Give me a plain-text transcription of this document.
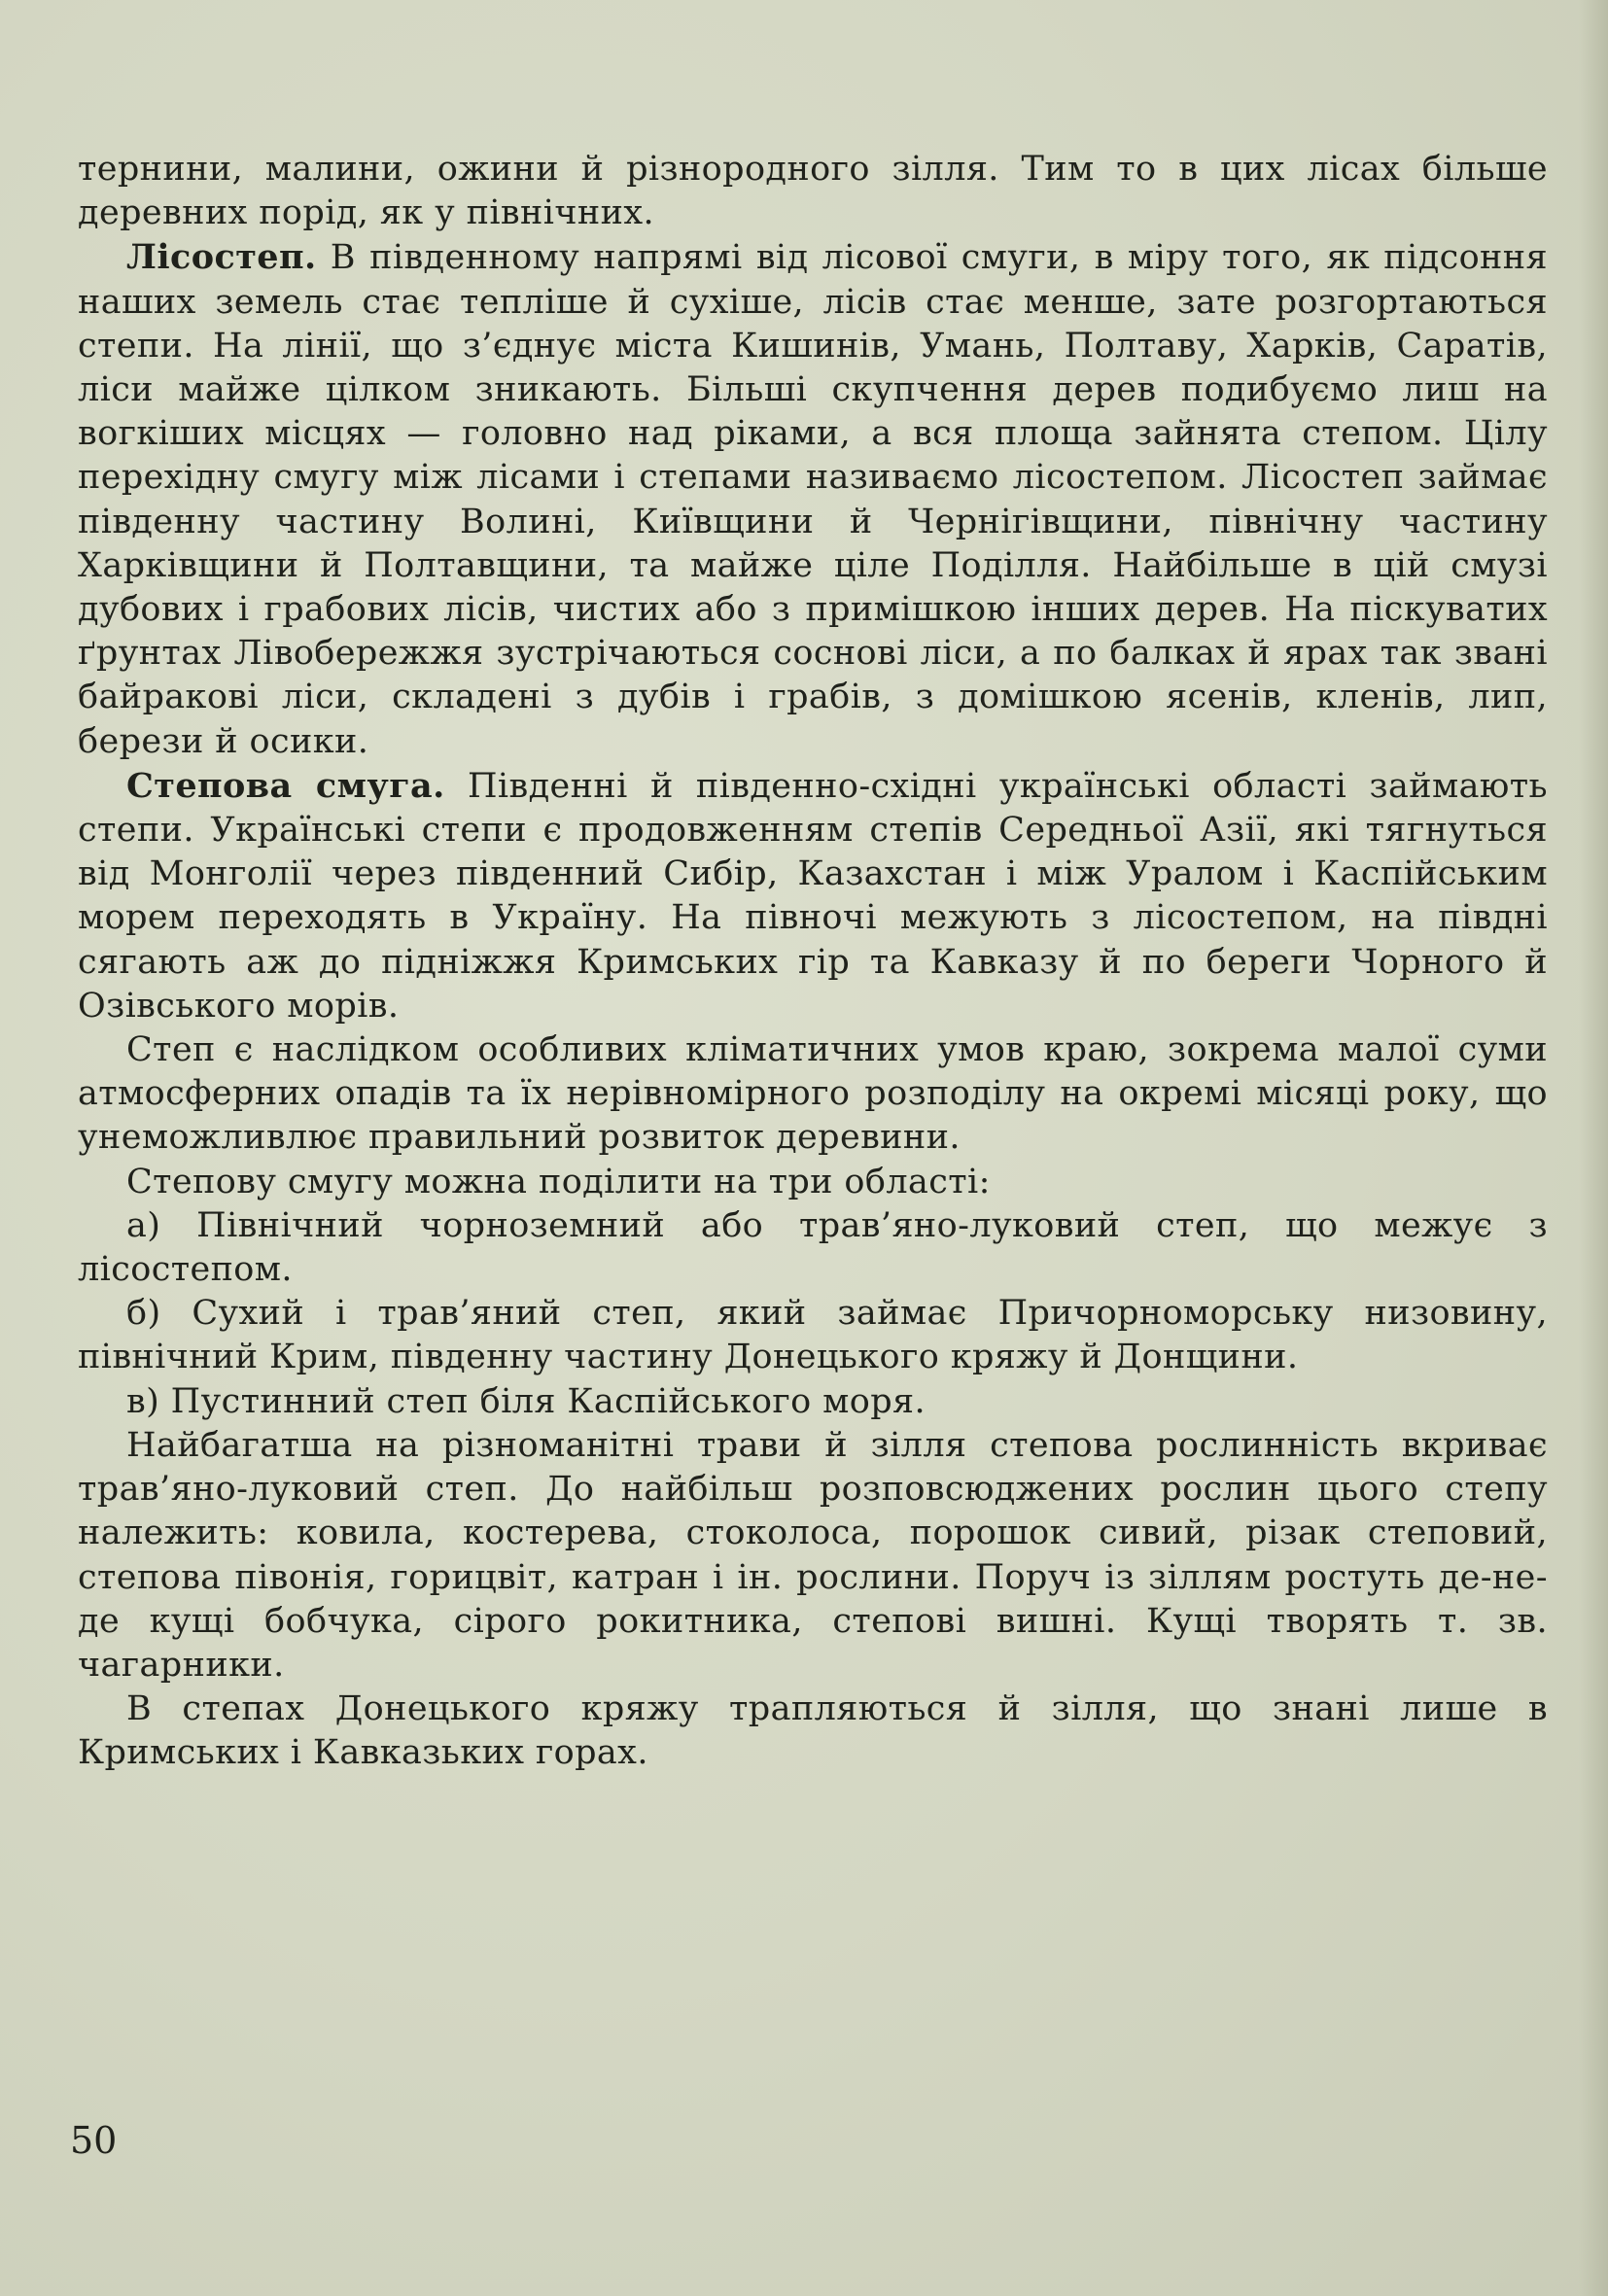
тернини, малини, ожини й різнородного зілля. Тим то в цих лісах більше деревних порід, як у північних.

Лісостеп. В південному напрямі від лісової смуги, в міру того, як підсоння наших земель стає тепліше й сухіше, лісів стає менше, зате розгортаються степи. На лінії, що з’єднує міста Кишинів, Умань, Полтаву, Харків, Саратів, ліси майже цілком зникають. Більші скупчення дерев подибуємо лиш на вогкіших місцях — головно над ріками, а вся площа зайнята степом. Цілу перехідну смугу між лісами і степами називаємо лісостепом. Лісостеп займає південну частину Волині, Київщини й Чернігівщини, північну частину Харківщини й Полтавщини, та майже ціле Поділля. Найбільше в цій смузі дубових і грабових лісів, чистих або з примішкою інших дерев. На піскуватих ґрунтах Лівобережжя зустрічаються соснові ліси, а по балках й ярах так звані байракові ліси, складені з дубів і грабів, з домішкою ясенів, кленів, лип, берези й осики.

Степова смуга. Південні й південно-східні українські області займають степи. Українські степи є продовженням степів Середньої Азії, які тягнуться від Монголії через південний Сибір, Казахстан і між Уралом і Каспійським морем переходять в Україну. На півночі межують з лісостепом, на півдні сягають аж до підніжжя Кримських гір та Кавказу й по береги Чорного й Озівського морів.

Степ є наслідком особливих кліматичних умов краю, зокрема малої суми атмосферних опадів та їх нерівномірного розподілу на окремі місяці року, що унеможливлює правильний розвиток деревини.

Степову смугу можна поділити на три області:

а) Північний чорноземний або трав’яно-луковий степ, що межує з лісостепом.

б) Сухий і трав’яний степ, який займає Причорноморську низовину, північний Крим, південну частину Донецького кряжу й Донщини.

в) Пустинний степ біля Каспійського моря.

Найбагатша на різноманітні трави й зілля степова рослинність вкриває трав’яно-луковий степ. До найбільш розповсюджених рослин цього степу належить: ковила, костерева, стоколоса, порошок сивий, різак степовий, степова півонія, горицвіт, катран і ін. рослини. Поруч із зіллям ростуть де-не-де кущі бобчука, сірого рокитника, степові вишні. Кущі творять т. зв. чагарники.

В степах Донецького кряжу трапляються й зілля, що знані лише в Кримських і Кавказьких горах.

50
